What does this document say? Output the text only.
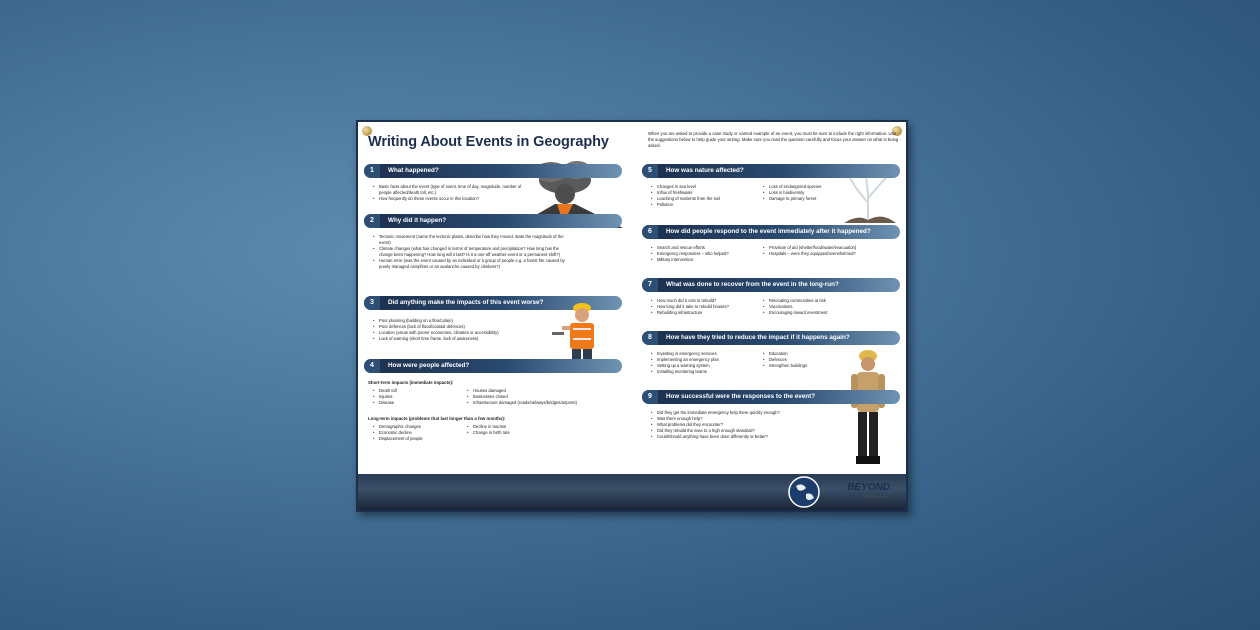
Writing About Events in Geography
When you are asked to provide a case study or named example of an event, you must be sure to include the right information. Use the suggestions below to help guide your writing. Make sure you read the question carefully and focus your answer on what is being asked.
1	What happened?
• Basic facts about the event (type of event, time of day, magnitude, number of people affected/death toll, etc.)
• How frequently do these events occur in this location?
2	Why did it happen?
• Tectonic movement (name the tectonic plates, describe how they moved, state the magnitude of the event)
• Climate changes (what has changed in terms of temperature and precipitation? How long has the change been happening? How long will it last? Is it a one-off weather event or a permanent shift?)
• Human error (was the event caused by an individual or a group of people e.g. a forest fire caused by poorly managed campfires or an avalanche caused by climbers?)
3	Did anything make the impacts of this event worse?
• Poor planning (building on a flood plain)
• Poor defences (lack of flood/coastal defences)
• Location (areas with poorer economies, climates or accessibility)
• Lack of warning (short time frame, lack of awareness)
4	How were people affected?
Short-term impacts (immediate impacts):
• Death toll
• Injuries
• Disease
• Houses damaged
• Businesses closed
• Infrastructure damaged (roads/railways/bridges/airports)
Long-term impacts (problems that last longer than a few months):
• Demographic changes
• Economic decline
• Displacement of people
• Decline in tourism
• Change in birth rate
5	How was nature affected?
• Changes in sea level
• Influx of freshwater
• Leaching of nutrients from the soil
• Pollution
• Loss of endangered species
• Loss in biodiversity
• Damage to primary forest
6	How did people respond to the event immediately after it happened?
• Search and rescue efforts
• Emergency responders – who helped?
• Military intervention
• Provision of aid (shelter/food/water/evacuation)
• Hospitals – were they equipped/overwhelmed?
7	What was done to recover from the event in the long-run?
• How much did it cost to rebuild?
• How long did it take to rebuild houses?
• Rebuilding infrastructure
• Relocating communities at risk
• Vaccinations
• Encouraging inward investment
8	How have they tried to reduce the impact if it happens again?
• Investing in emergency services
• Implementing an emergency plan
• Setting up a warning system
• Installing monitoring teams
• Education
• Defences
• Strengthen buildings
9	How successful were the responses to the event?
• Did they get the immediate emergency help there quickly enough?
• Was there enough help?
• What problems did they encounter?
• Did they rebuild the area to a high enough standard?
• Could/should anything have been done differently or better?
BEYOND
GEOGRAPHY
